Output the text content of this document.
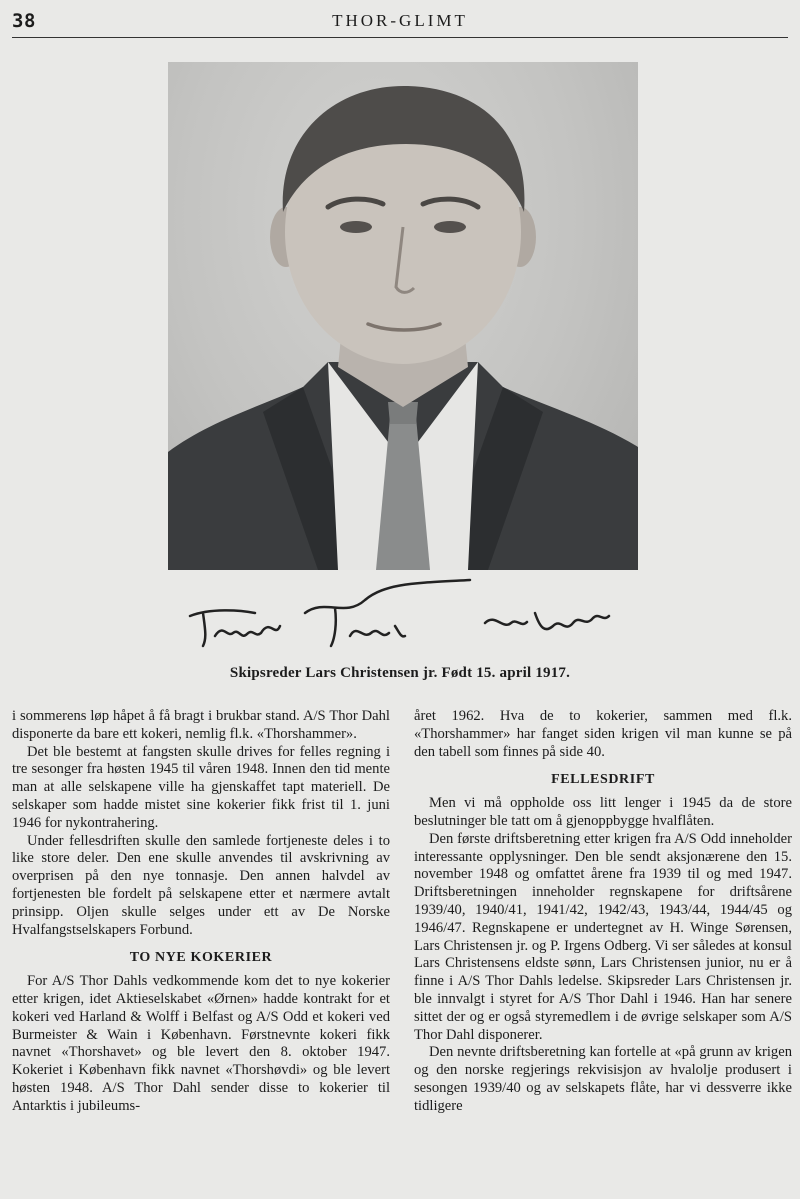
38	THOR-GLIMT
Skipsreder Lars Christensen jr. Født 15. april 1917.

i sommerens løp håpet å få bragt i brukbar stand. A/S Thor Dahl disponerte da bare ett kokeri, nemlig fl.k. «Thorshammer».

Det ble bestemt at fangsten skulle drives for felles regning i tre sesonger fra høsten 1945 til våren 1948. Innen den tid mente man at alle selskapene ville ha gjenskaffet tapt materiell. De selskaper som hadde mistet sine kokerier fikk frist til 1. juni 1946 for nykontrahering.

Under fellesdriften skulle den samlede fortjeneste deles i to like store deler. Den ene skulle anvendes til avskrivning av overprisen på den nye tonnasje. Den annen halvdel av fortjenesten ble fordelt på selskapene etter et nærmere avtalt prinsipp. Oljen skulle selges under ett av De Norske Hvalfangstselskapers Forbund.

TO NYE KOKERIER

For A/S Thor Dahls vedkommende kom det to nye kokerier etter krigen, idet Aktieselskabet «Ørnen» hadde kontrakt for et kokeri ved Harland & Wolff i Belfast og A/S Odd et kokeri ved Burmeister & Wain i København. Førstnevnte kokeri fikk navnet «Thorshavet» og ble levert den 8. oktober 1947. Kokeriet i København fikk navnet «Thorshøvdi» og ble levert høsten 1948. A/S Thor Dahl sender disse to kokerier til Antarktis i jubileums-

året 1962. Hva de to kokerier, sammen med fl.k. «Thorshammer» har fanget siden krigen vil man kunne se på den tabell som finnes på side 40.

FELLESDRIFT

Men vi må oppholde oss litt lenger i 1945 da de store beslutninger ble tatt om å gjenoppbygge hvalflåten.

Den første driftsberetning etter krigen fra A/S Odd inneholder interessante opplysninger. Den ble sendt aksjonærene den 15. november 1948 og omfattet årene fra 1939 til og med 1947. Driftsberetningen inneholder regnskapene for driftsårene 1939/40, 1940/41, 1941/42, 1942/43, 1943/44, 1944/45 og 1946/47. Regnskapene er undertegnet av H. Winge Sørensen, Lars Christensen jr. og P. Irgens Odberg. Vi ser således at konsul Lars Christensens eldste sønn, Lars Christensen junior, nu er å finne i A/S Thor Dahls ledelse. Skipsreder Lars Christensen jr. ble innvalgt i styret for A/S Thor Dahl i 1946. Han har senere sittet der og er også styremedlem i de øvrige selskaper som A/S Thor Dahl disponerer.

Den nevnte driftsberetning kan fortelle at «på grunn av krigen og den norske regjerings rekvisisjon av hvalolje produsert i sesongen 1939/40 og av selskapets flåte, har vi dessverre ikke tidligere
